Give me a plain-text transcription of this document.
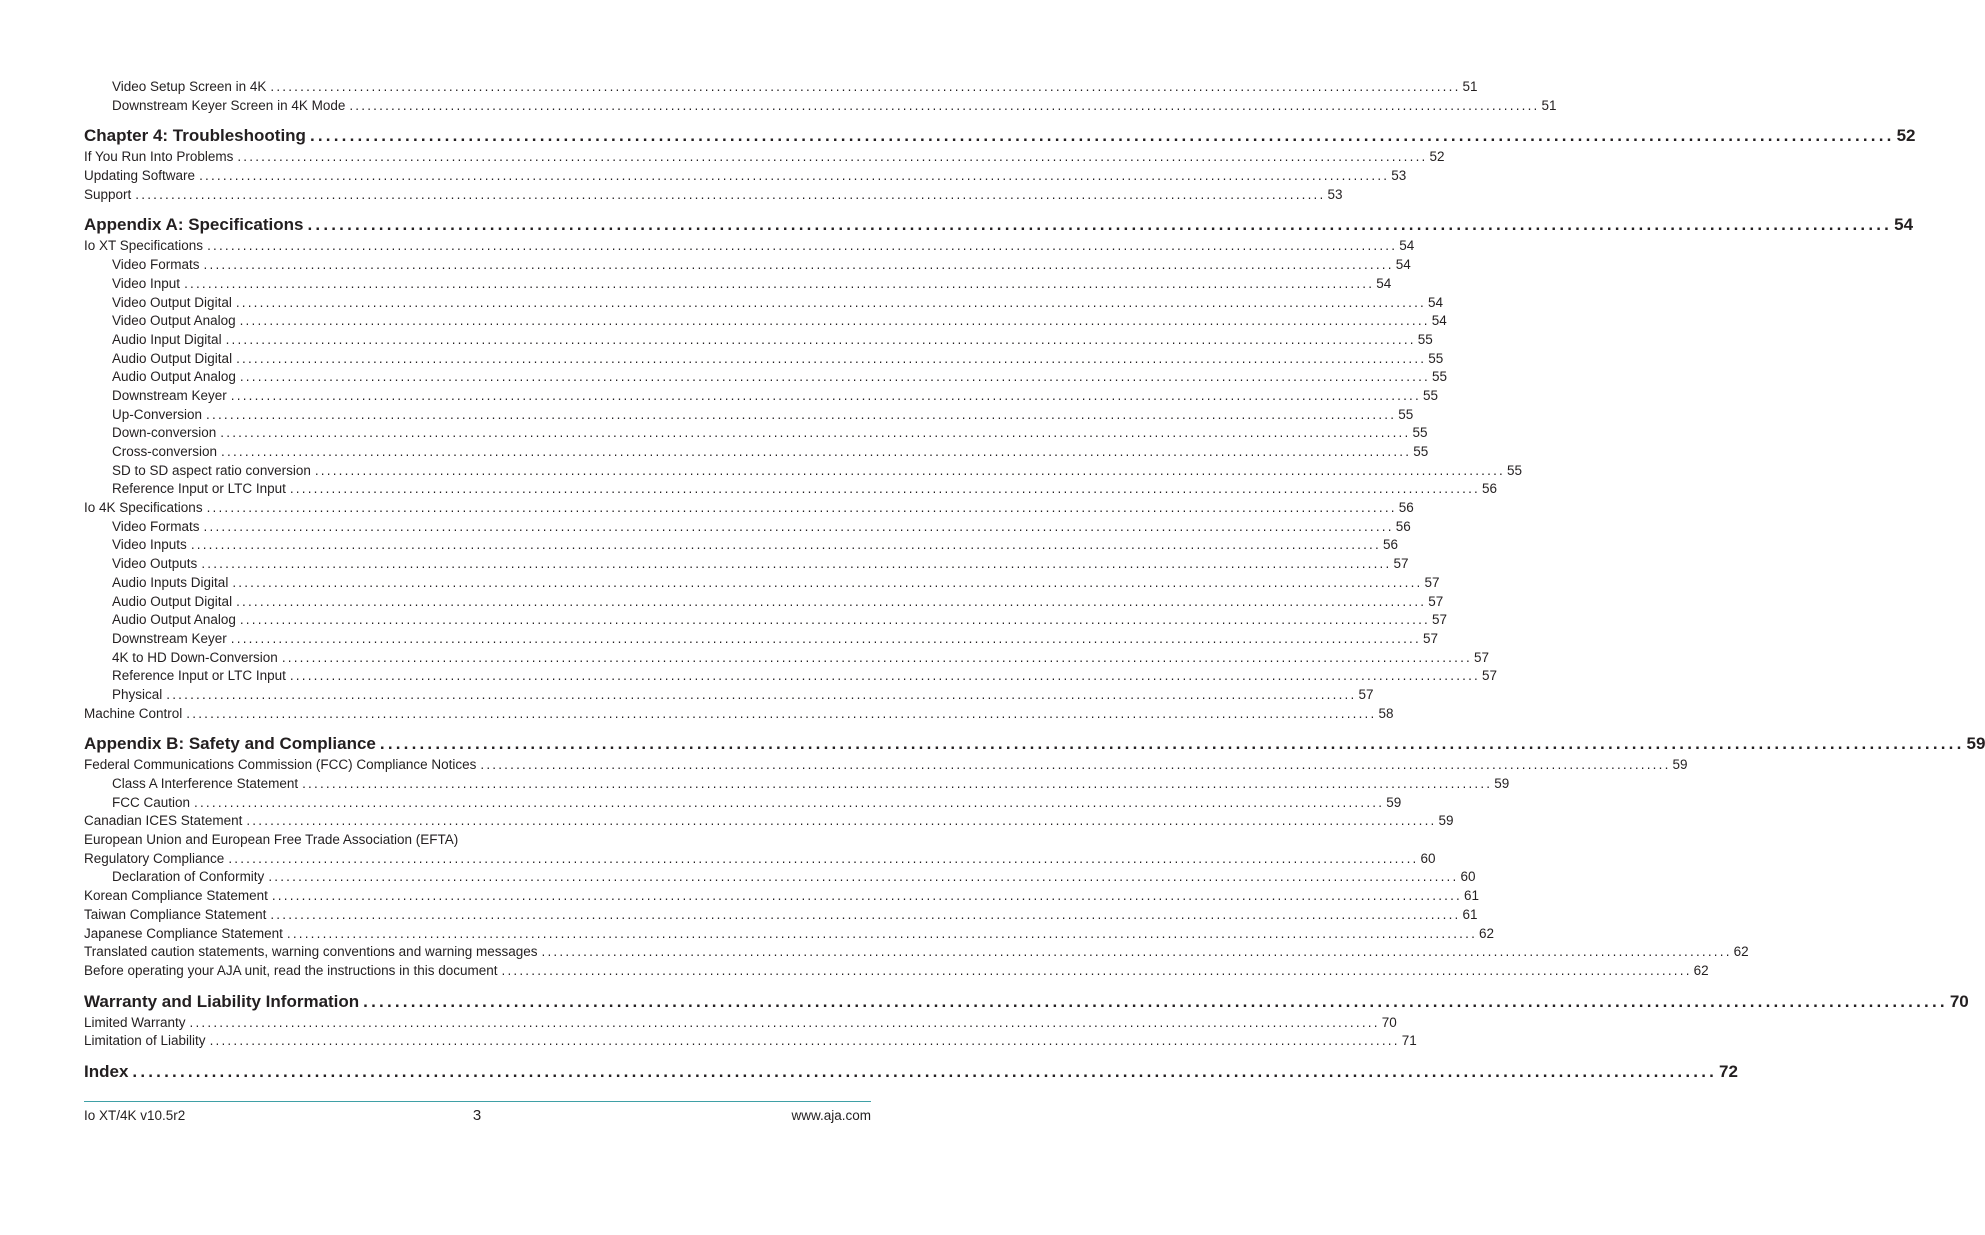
Video Setup Screen in 4K ........................................................................................................................................................................................................ 51
Downstream Keyer Screen in 4K Mode ........................................................................................................................................................................................................ 51
Chapter 4: Troubleshooting ........................................................................................................................................................................................................ 52
If You Run Into Problems ........................................................................................................................................................................................................ 52
Updating Software ........................................................................................................................................................................................................ 53
Support ........................................................................................................................................................................................................ 53
Appendix A: Specifications ........................................................................................................................................................................................................ 54
Io XT Specifications ........................................................................................................................................................................................................ 54
Video Formats ........................................................................................................................................................................................................ 54
Video Input ........................................................................................................................................................................................................ 54
Video Output Digital ........................................................................................................................................................................................................ 54
Video Output Analog ........................................................................................................................................................................................................ 54
Audio Input Digital ........................................................................................................................................................................................................ 55
Audio Output Digital ........................................................................................................................................................................................................ 55
Audio Output Analog ........................................................................................................................................................................................................ 55
Downstream Keyer ........................................................................................................................................................................................................ 55
Up-Conversion ........................................................................................................................................................................................................ 55
Down-conversion ........................................................................................................................................................................................................ 55
Cross-conversion ........................................................................................................................................................................................................ 55
SD to SD aspect ratio conversion ........................................................................................................................................................................................................ 55
Reference Input or LTC Input ........................................................................................................................................................................................................ 56
Io 4K Specifications ........................................................................................................................................................................................................ 56
Video Formats ........................................................................................................................................................................................................ 56
Video Inputs ........................................................................................................................................................................................................ 56
Video Outputs ........................................................................................................................................................................................................ 57
Audio Inputs Digital ........................................................................................................................................................................................................ 57
Audio Output Digital ........................................................................................................................................................................................................ 57
Audio Output Analog ........................................................................................................................................................................................................ 57
Downstream Keyer ........................................................................................................................................................................................................ 57
4K to HD Down-Conversion ........................................................................................................................................................................................................ 57
Reference Input or LTC Input ........................................................................................................................................................................................................ 57
Physical ........................................................................................................................................................................................................ 57
Machine Control ........................................................................................................................................................................................................ 58
Appendix B: Safety and Compliance ........................................................................................................................................................................................................ 59
Federal Communications Commission (FCC) Compliance Notices ........................................................................................................................................................................................................ 59
Class A Interference Statement ........................................................................................................................................................................................................ 59
FCC Caution ........................................................................................................................................................................................................ 59
Canadian ICES Statement ........................................................................................................................................................................................................ 59
European Union and European Free Trade Association (EFTA)
Regulatory Compliance ........................................................................................................................................................................................................ 60
Declaration of Conformity ........................................................................................................................................................................................................ 60
Korean Compliance Statement ........................................................................................................................................................................................................ 61
Taiwan Compliance Statement ........................................................................................................................................................................................................ 61
Japanese Compliance Statement ........................................................................................................................................................................................................ 62
Translated caution statements, warning conventions and warning messages ........................................................................................................................................................................................................ 62
Before operating your AJA unit, read the instructions in this document ........................................................................................................................................................................................................ 62
Warranty and Liability Information ........................................................................................................................................................................................................ 70
Limited Warranty ........................................................................................................................................................................................................ 70
Limitation of Liability ........................................................................................................................................................................................................ 71
Index ........................................................................................................................................................................................................ 72
Io XT/4K v10.5r2	3	www.aja.com
